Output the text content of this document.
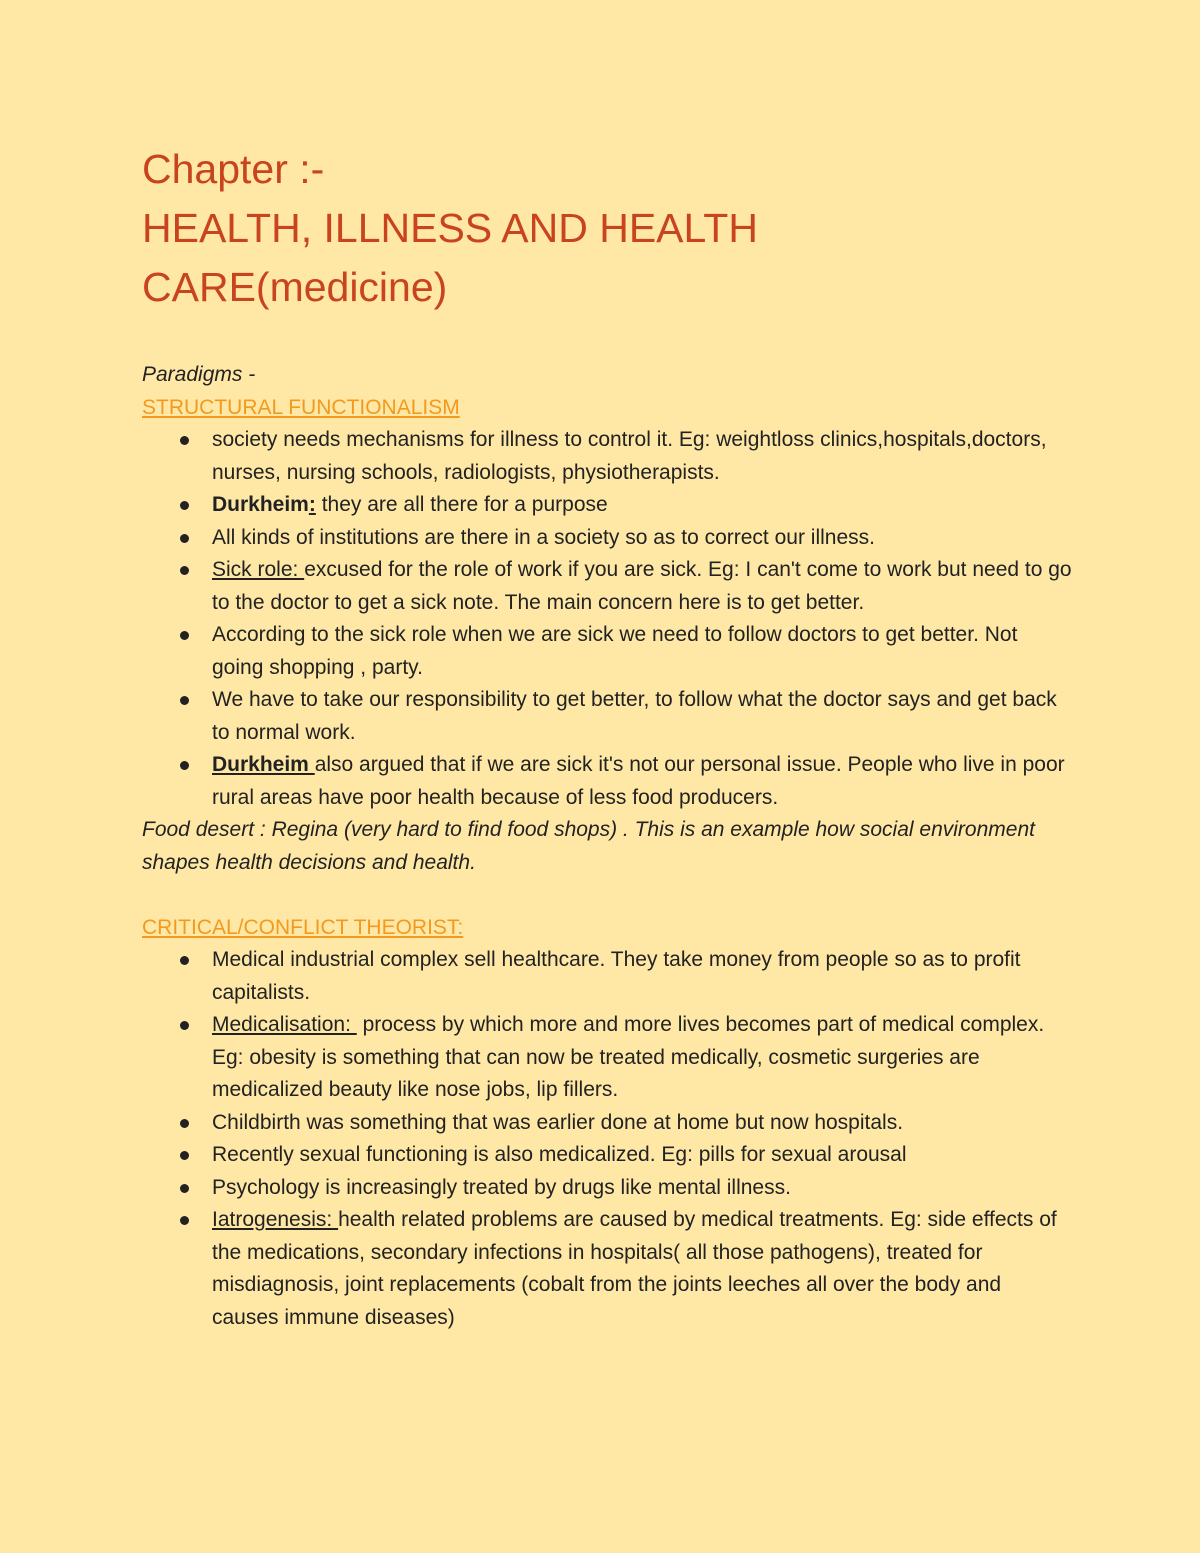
Chapter :-
HEALTH, ILLNESS AND HEALTH
CARE(medicine)
Paradigms -
STRUCTURAL FUNCTIONALISM
society needs mechanisms for illness to control it. Eg: weightloss clinics,hospitals,doctors, nurses, nursing schools, radiologists, physiotherapists.
Durkheim: they are all there for a purpose
All kinds of institutions are there in a society so as to correct our illness.
Sick role: excused for the role of work if you are sick. Eg: I can't come to work but need to go to the doctor to get a sick note. The main concern here is to get better.
According to the sick role when we are sick we need to follow doctors to get better. Not going shopping , party.
We have to take our responsibility to get better, to follow what the doctor says and get back to normal work.
Durkheim also argued that if we are sick it's not our personal issue. People who live in poor rural areas have poor health because of less food producers.
Food desert : Regina (very hard to find food shops) . This is an example how social environment shapes health decisions and health.
CRITICAL/CONFLICT THEORIST:
Medical industrial complex sell healthcare. They take money from people so as to profit capitalists.
Medicalisation:  process by which more and more lives becomes part of medical complex. Eg: obesity is something that can now be treated medically, cosmetic surgeries are medicalized beauty like nose jobs, lip fillers.
Childbirth was something that was earlier done at home but now hospitals.
Recently sexual functioning is also medicalized. Eg: pills for sexual arousal
Psychology is increasingly treated by drugs like mental illness.
Iatrogenesis: health related problems are caused by medical treatments. Eg: side effects of the medications, secondary infections in hospitals( all those pathogens), treated for misdiagnosis, joint replacements (cobalt from the joints leeches all over the body and causes immune diseases)
